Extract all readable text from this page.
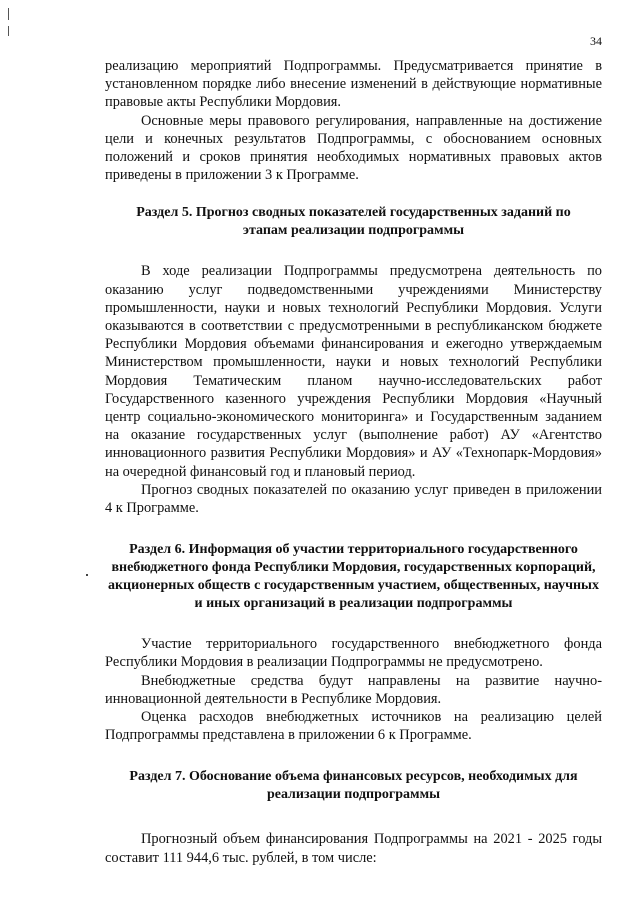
34

реализацию мероприятий Подпрограммы. Предусматривается принятие в установленном порядке либо внесение изменений в действующие нормативные правовые акты Республики Мордовия.

Основные меры правового регулирования, направленные на достижение цели и конечных результатов Подпрограммы, с обоснованием основных положений и сроков принятия необходимых нормативных правовых актов приведены в приложении 3 к Программе.

Раздел 5. Прогноз сводных показателей государственных заданий по этапам реализации подпрограммы

В ходе реализации Подпрограммы предусмотрена деятельность по оказанию услуг подведомственными учреждениями Министерству промышленности, науки и новых технологий Республики Мордовия. Услуги оказываются в соответствии с предусмотренными в республиканском бюджете Республики Мордовия объемами финансирования и ежегодно утверждаемым Министерством промышленности, науки и новых технологий Республики Мордовия Тематическим планом научно-исследовательских работ Государственного казенного учреждения Республики Мордовия «Научный центр социально-экономического мониторинга» и Государственным заданием на оказание государственных услуг (выполнение работ) АУ «Агентство инновационного развития Республики Мордовия» и АУ «Технопарк-Мордовия» на очередной финансовый год и плановый период.

Прогноз сводных показателей по оказанию услуг приведен в приложении 4 к Программе.

Раздел 6. Информация об участии территориального государственного внебюджетного фонда Республики Мордовия, государственных корпораций, акционерных обществ с государственным участием, общественных, научных и иных организаций в реализации подпрограммы

Участие территориального государственного внебюджетного фонда Республики Мордовия в реализации Подпрограммы не предусмотрено.

Внебюджетные средства будут направлены на развитие научно-инновационной деятельности в Республике Мордовия.

Оценка расходов внебюджетных источников на реализацию целей Подпрограммы представлена в приложении 6 к Программе.

Раздел 7. Обоснование объема финансовых ресурсов, необходимых для реализации подпрограммы

Прогнозный объем финансирования Подпрограммы на 2021 - 2025 годы составит 111 944,6 тыс. рублей, в том числе:
